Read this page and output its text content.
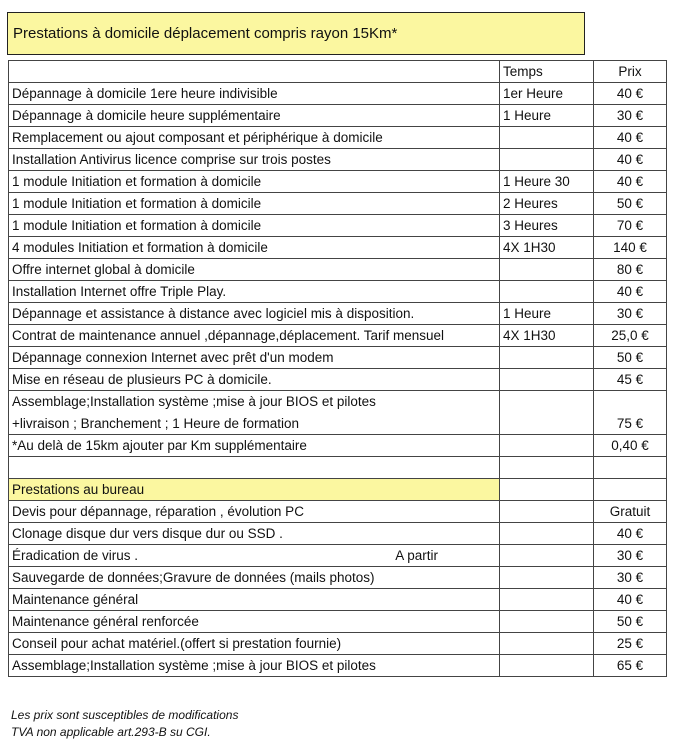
Prestations à domicile déplacement compris rayon 15Km*
	Temps	Prix
Dépannage à domicile 1ere heure indivisible	1er Heure	40 €
Dépannage à domicile heure supplémentaire	1 Heure	30 €
Remplacement ou ajout composant et périphérique à domicile		40 €
Installation Antivirus licence comprise sur trois postes		40 €
1 module Initiation et formation à domicile	1 Heure 30	40 €
1 module Initiation et formation à domicile	2 Heures	50 €
1 module Initiation et formation à domicile	3 Heures	70 €
4 modules Initiation et formation à domicile	4X 1H30	140 €
Offre internet global à domicile		80 €
Installation Internet offre Triple Play.		40 €
Dépannage et assistance à distance avec logiciel mis à disposition.	1 Heure	30 €
Contrat de maintenance annuel ,dépannage,déplacement. Tarif mensuel	4X 1H30	25,0 €
Dépannage connexion Internet avec prêt d'un modem		50 €
Mise en réseau de plusieurs PC à domicile.		45 €
Assemblage;Installation système ;mise à jour BIOS et pilotes		
+livraison ; Branchement ; 1 Heure de formation		75 €
*Au delà de 15km ajouter par Km supplémentaire		0,40 €

Prestations au bureau		
Devis pour dépannage, réparation , évolution PC		Gratuit
Clonage disque dur vers disque dur ou SSD .		40 €
Éradication de virus . A partir		30 €
Sauvegarde de données;Gravure de données (mails photos)		30 €
Maintenance général		40 €
Maintenance général renforcée		50 €
Conseil pour achat matériel.(offert si prestation fournie)		25 €
Assemblage;Installation système ;mise à jour BIOS et pilotes		65 €
Les prix sont susceptibles de modifications
TVA non applicable art.293-B su CGI.
